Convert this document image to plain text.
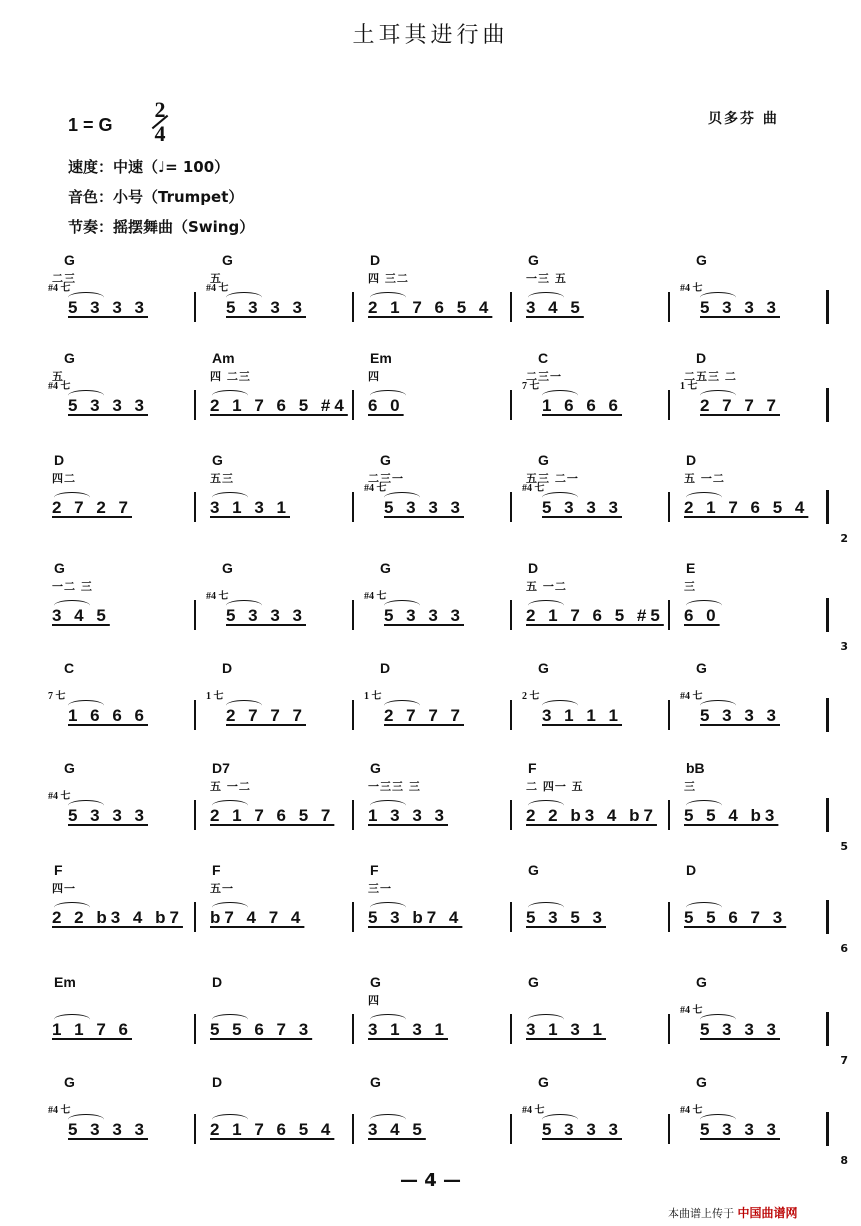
土耳其进行曲
1 = G
2
4
贝多芬 曲
速度：中速（♩= 100）
音色：小号（Trumpet）
节奏：摇摆舞曲（Swing）
G
二三
#4 七
5 3 3 3
G
五
#4 七
5 3 3 3
D
四 三二
2 1 7 6 5 4
G
一三 五
3 4 5
G
#4 七
5 3 3 3
G
五
#4 七
5 3 3 3
Am
四 二三
2 1 7 6 5 #4
Em
四
6 0
C
二三一
7 七
1 6 6 6
D
二五三 二
1 七
2 7 7 7
D
四二
2 7 2 7
G
五三
3 1 3 1
G
二三一
#4 七
5 3 3 3
G
五三 二一
#4 七
5 3 3 3
D
五 一二
2 1 7 6 5 4
2
G
一二 三
3 4 5
G
#4 七
5 3 3 3
G
#4 七
5 3 3 3
D
五 一二
2 1 7 6 5 #5
E
三
6 0
3
C
7 七
1 6 6 6
D
1 七
2 7 7 7
D
1 七
2 7 7 7
G
2 七
3 1 1 1
G
#4 七
5 3 3 3
G
#4 七
5 3 3 3
D7
五 一二
2 1 7 6 5 7
G
一三三 三
1 3 3 3
F
二 四一 五
2 2 b3 4 b7
bB
三
5 5 4 b3
5
F
四一
2 2 b3 4 b7
F
五一
b7 4 7 4
F
三一
5 3 b7 4
G
5 3 5 3
D
5 5 6 7 3
6
Em
1 1 7 6
D
5 5 6 7 3
G
四
3 1 3 1
G
3 1 3 1
G
#4 七
5 3 3 3
7
G
#4 七
5 3 3 3
D
2 1 7 6 5 4
G
3 4 5
G
#4 七
5 3 3 3
G
#4 七
5 3 3 3
8
— 4 —
本曲谱上传于 中国曲谱网
